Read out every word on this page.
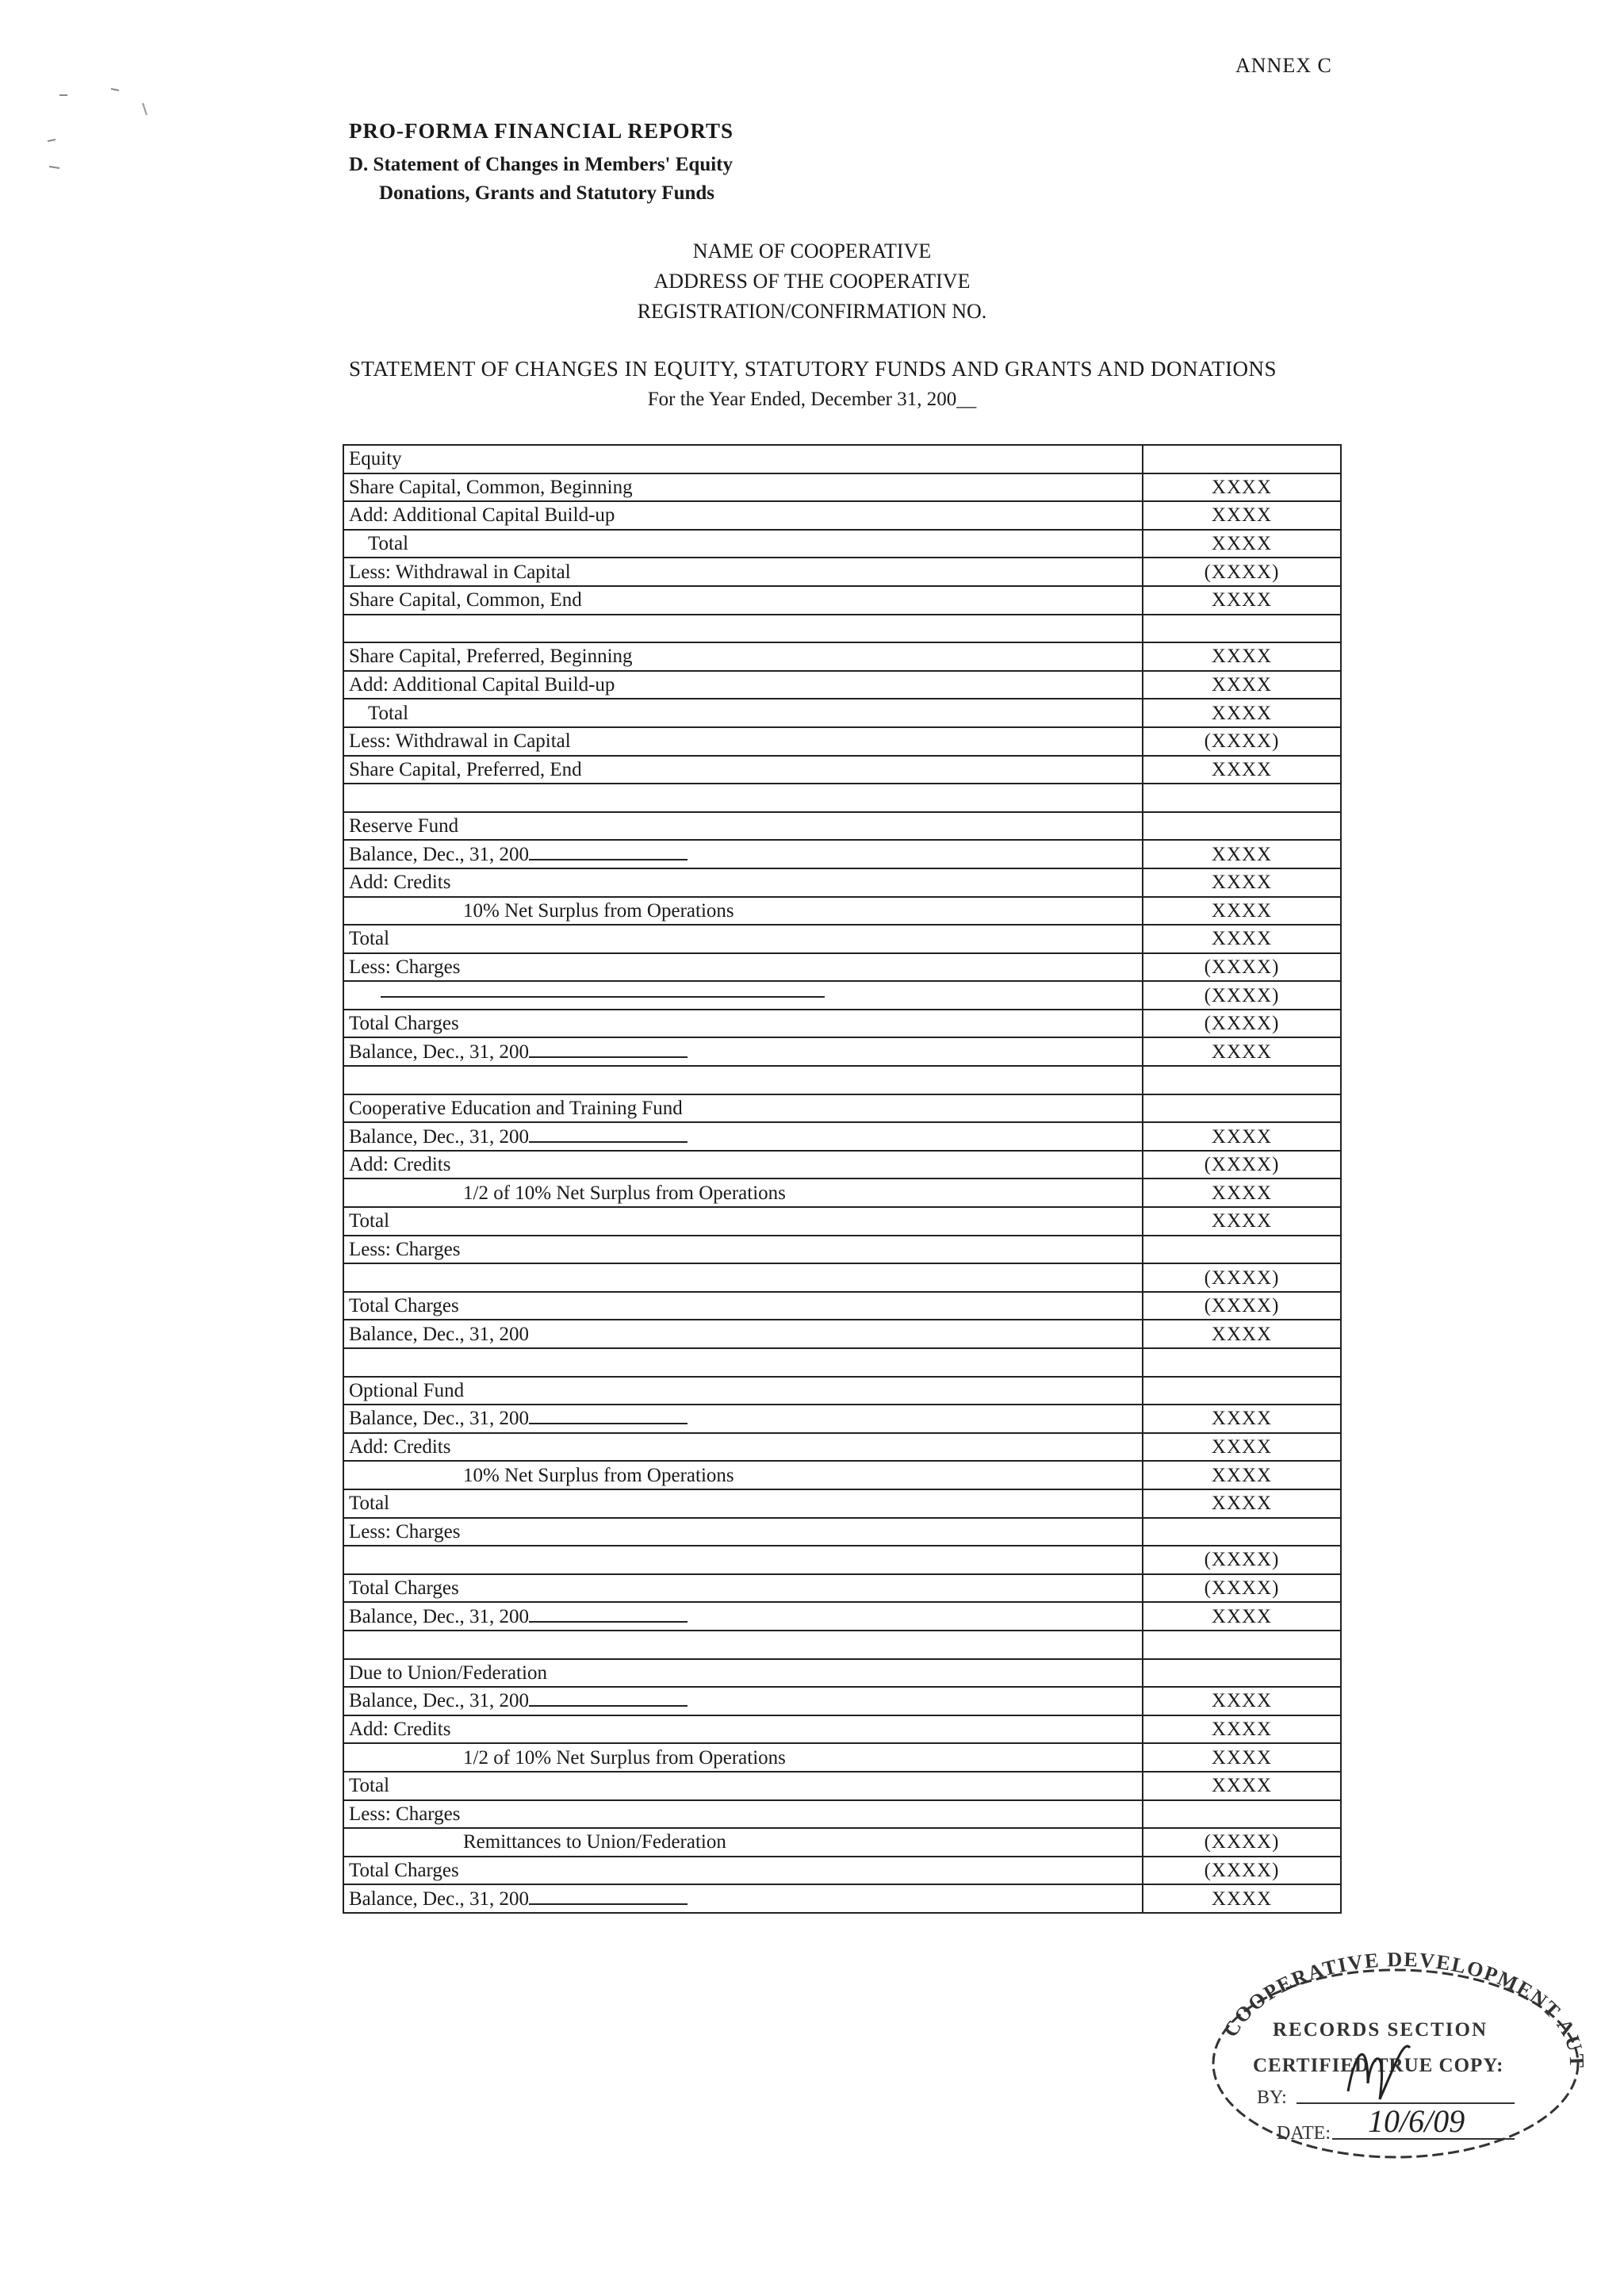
ANNEX C
PRO-FORMA FINANCIAL REPORTS
D. Statement of Changes in Members' Equity
Donations, Grants and Statutory Funds
NAME OF COOPERATIVE
ADDRESS OF THE COOPERATIVE
REGISTRATION/CONFIRMATION NO.
STATEMENT OF CHANGES IN EQUITY, STATUTORY FUNDS AND GRANTS AND DONATIONS
For the Year Ended, December 31, 200__
Equity	
Share Capital, Common, Beginning	XXXX
Add: Additional Capital Build-up	XXXX
Total	XXXX
Less: Withdrawal in Capital	(XXXX)
Share Capital, Common, End	XXXX

Share Capital, Preferred, Beginning	XXXX
Add: Additional Capital Build-up	XXXX
Total	XXXX
Less: Withdrawal in Capital	(XXXX)
Share Capital, Preferred, End	XXXX

Reserve Fund	
Balance, Dec., 31, 200	XXXX
Add: Credits	XXXX
10% Net Surplus from Operations	XXXX
Total	XXXX
Less: Charges	(XXXX)
	(XXXX)
Total Charges	(XXXX)
Balance, Dec., 31, 200	XXXX

Cooperative Education and Training Fund	
Balance, Dec., 31, 200	XXXX
Add: Credits	(XXXX)
1/2 of 10% Net Surplus from Operations	XXXX
Total	XXXX
Less: Charges	
	(XXXX)
Total Charges	(XXXX)
Balance, Dec., 31, 200	XXXX

Optional Fund	
Balance, Dec., 31, 200	XXXX
Add: Credits	XXXX
10% Net Surplus from Operations	XXXX
Total	XXXX
Less: Charges	
	(XXXX)
Total Charges	(XXXX)
Balance, Dec., 31, 200	XXXX

Due to Union/Federation	
Balance, Dec., 31, 200	XXXX
Add: Credits	XXXX
1/2 of 10% Net Surplus from Operations	XXXX
Total	XXXX
Less: Charges	
Remittances to Union/Federation	(XXXX)
Total Charges	(XXXX)
Balance, Dec., 31, 200	XXXX
COOPERATIVE DEVELOPMENT AU
RECORDS SECTION
CERTIFIED TRUE COPY:
BY:
DATE: 10/6/09
